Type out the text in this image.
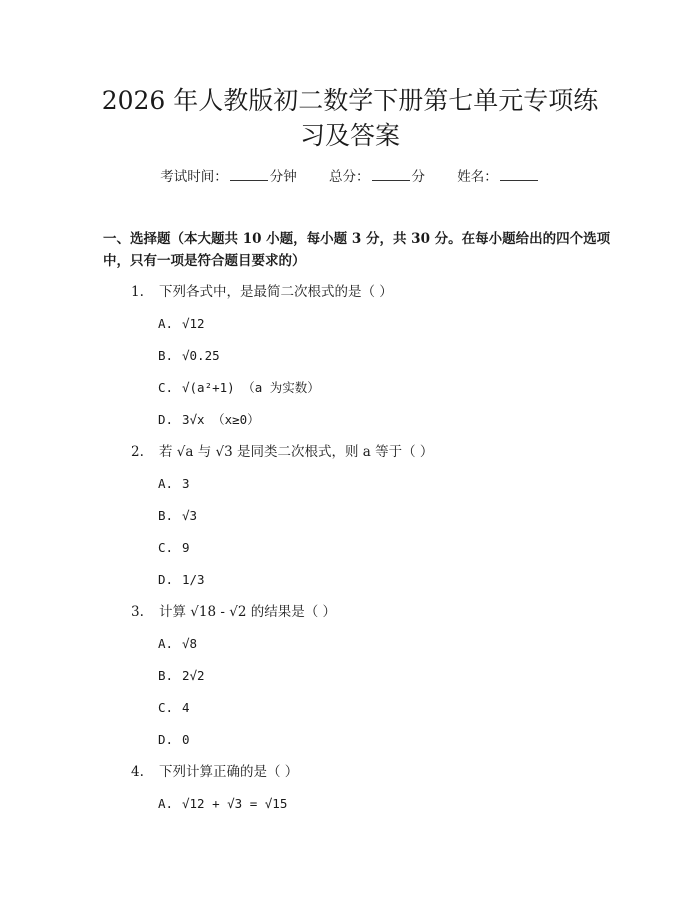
2026 年人教版初二数学下册第七单元专项练
习及答案
考试时间：	分钟 总分：	分 姓名：
一、选择题（本大题共 10 小题，每小题 3 分，共 30 分。在每小题给出的四个选项中，只有一项是符合题目要求的）
1. 下列各式中，是最简二次根式的是（ ）
A. √12
B. √0.25
C. √(a²+1) （a 为实数）
D. 3√x （x≥0）
2. 若 √a 与 √3 是同类二次根式，则 a 等于（ ）
A. 3
B. √3
C. 9
D. 1/3
3. 计算 √18 - √2 的结果是（ ）
A. √8
B. 2√2
C. 4
D. 0
4. 下列计算正确的是（ ）
A. √12 + √3 = √15
